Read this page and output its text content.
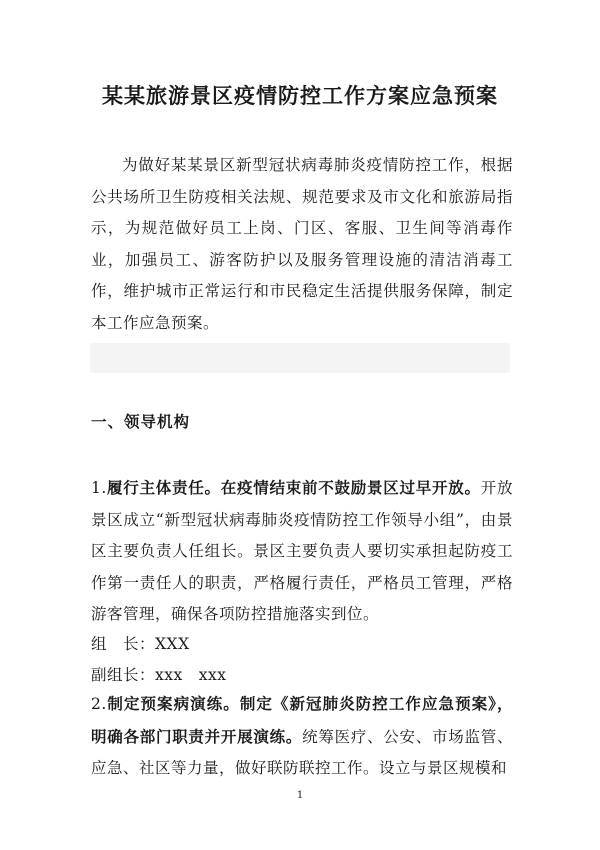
某某旅游景区疫情防控工作方案应急预案

为做好某某景区新型冠状病毒肺炎疫情防控工作，根据公共场所卫生防疫相关法规、规范要求及市文化和旅游局指示，为规范做好员工上岗、门区、客服、卫生间等消毒作业，加强员工、游客防护以及服务管理设施的清洁消毒工作，维护城市正常运行和市民稳定生活提供服务保障，制定本工作应急预案。

一、领导机构

1.履行主体责任。在疫情结束前不鼓励景区过早开放。开放景区成立“新型冠状病毒肺炎疫情防控工作领导小组”，由景区主要负责人任组长。景区主要负责人要切实承担起防疫工作第一责任人的职责，严格履行责任，严格员工管理，严格游客管理，确保各项防控措施落实到位。

组　长：XXX

副组长：xxx　xxx

2.制定预案病演练。制定《新冠肺炎防控工作应急预案》，明确各部门职责并开展演练。统筹医疗、公安、市场监管、应急、社区等力量，做好联防联控工作。设立与景区规模和

1
